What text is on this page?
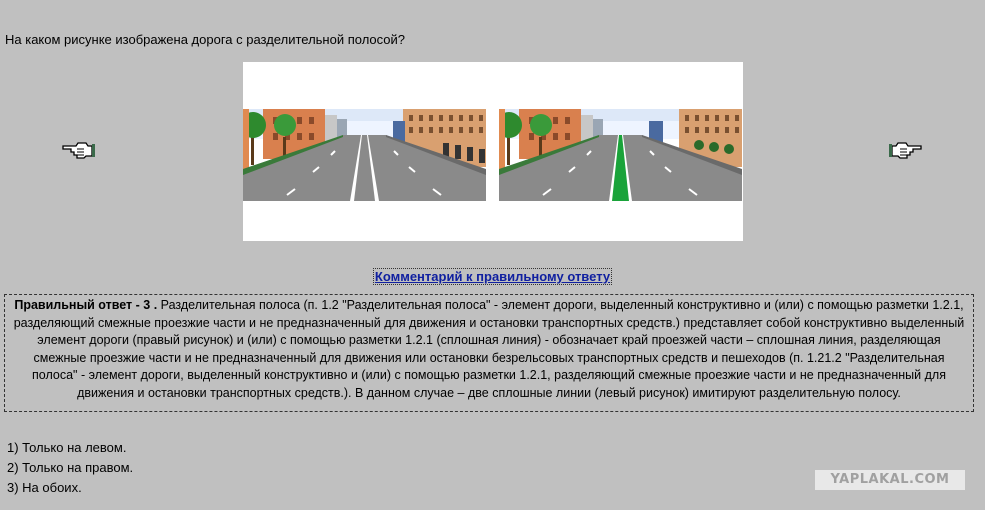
На каком рисунке изображена дорога с разделительной полосой?
Комментарий к правильному ответу
Правильный ответ - 3 . Разделительная полоса (п. 1.2 "Разделительная полоса" - элемент дороги, выделенный конструктивно и (или) с помощью разметки 1.2.1, разделяющий смежные проезжие части и не предназначенный для движения и остановки транспортных средств.) представляет собой конструктивно выделенный элемент дороги (правый рисунок) и (или) с помощью разметки 1.2.1 (сплошная линия) - обозначает край проезжей части – сплошная линия, разделяющая смежные проезжие части и не предназначенный для движения или остановки безрельсовых транспортных средств и пешеходов (п. 1.21.2 "Разделительная полоса" - элемент дороги, выделенный конструктивно и (или) с помощью разметки 1.2.1, разделяющий смежные проезжие части и не предназначенный для движения и остановки транспортных средств.). В данном случае – две сплошные линии (левый рисунок) имитируют разделительную полосу.
1) Только на левом.
2) Только на правом.
3) На обоих.
YAPLAKAL.COM
